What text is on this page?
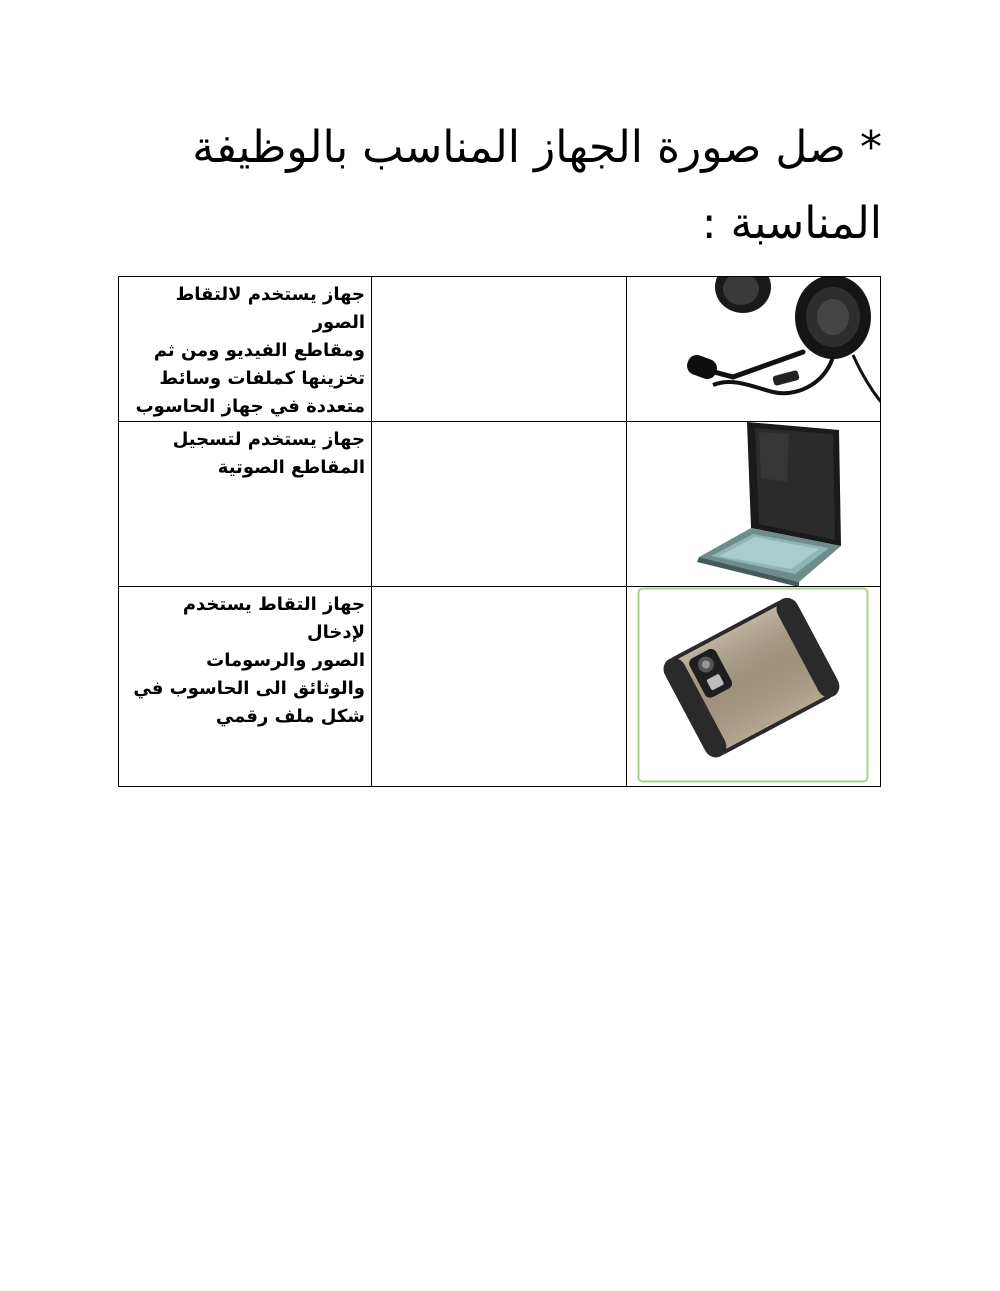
* صل صورة الجهاز المناسب بالوظيفة المناسبة :
جهاز يستخدم لالتقاط الصور
ومقاطع الفيديو ومن ثم
تخزينها كملفات وسائط
متعددة في جهاز الحاسوب

جهاز يستخدم لتسجيل
المقاطع الصوتية

جهاز التقاط يستخدم لإدخال
الصور والرسومات
والوثائق الى الحاسوب في
شكل ملف رقمي
